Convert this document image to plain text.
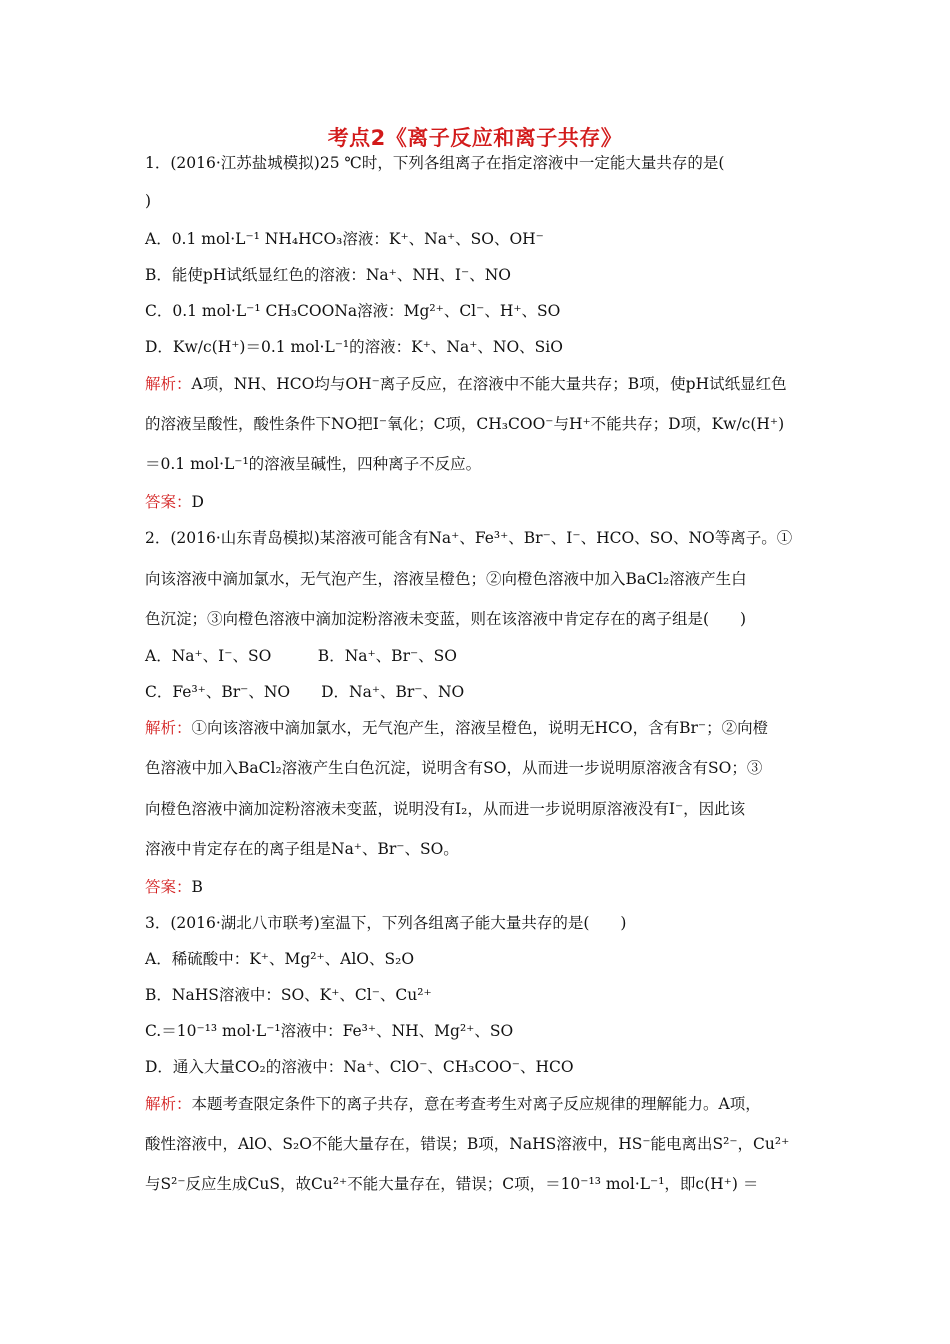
考点2《离子反应和离子共存》
1．(2016·江苏盐城模拟)25 ℃时，下列各组离子在指定溶液中一定能大量共存的是(
)
A．0.1 mol·L⁻¹ NH₄HCO₃溶液：K⁺、Na⁺、SO、OH⁻
B．能使pH试纸显红色的溶液：Na⁺、NH、I⁻、NO
C．0.1 mol·L⁻¹ CH₃COONa溶液：Mg²⁺、Cl⁻、H⁺、SO
D．Kw/c(H⁺)＝0.1 mol·L⁻¹的溶液：K⁺、Na⁺、NO、SiO
解析：A项，NH、HCO均与OH⁻离子反应，在溶液中不能大量共存；B项，使pH试纸显红色
的溶液呈酸性，酸性条件下NO把I⁻氧化；C项，CH₃COO⁻与H⁺不能共存；D项，Kw/c(H⁺)
＝0.1 mol·L⁻¹的溶液呈碱性，四种离子不反应。
答案：D
2．(2016·山东青岛模拟)某溶液可能含有Na⁺、Fe³⁺、Br⁻、I⁻、HCO、SO、NO等离子。①
向该溶液中滴加氯水，无气泡产生，溶液呈橙色；②向橙色溶液中加入BaCl₂溶液产生白
色沉淀；③向橙色溶液中滴加淀粉溶液未变蓝，则在该溶液中肯定存在的离子组是(　　)
A．Na⁺、I⁻、SO　　　B．Na⁺、Br⁻、SO
C．Fe³⁺、Br⁻、NO　　D．Na⁺、Br⁻、NO
解析：①向该溶液中滴加氯水，无气泡产生，溶液呈橙色，说明无HCO，含有Br⁻；②向橙
色溶液中加入BaCl₂溶液产生白色沉淀，说明含有SO，从而进一步说明原溶液含有SO；③
向橙色溶液中滴加淀粉溶液未变蓝，说明没有I₂，从而进一步说明原溶液没有I⁻，因此该
溶液中肯定存在的离子组是Na⁺、Br⁻、SO。
答案：B
3．(2016·湖北八市联考)室温下，下列各组离子能大量共存的是(　　)
A．稀硫酸中：K⁺、Mg²⁺、AlO、S₂O
B．NaHS溶液中：SO、K⁺、Cl⁻、Cu²⁺
C.＝10⁻¹³ mol·L⁻¹溶液中：Fe³⁺、NH、Mg²⁺、SO
D．通入大量CO₂的溶液中：Na⁺、ClO⁻、CH₃COO⁻、HCO
解析：本题考查限定条件下的离子共存，意在考查考生对离子反应规律的理解能力。A项，
酸性溶液中，AlO、S₂O不能大量存在，错误；B项，NaHS溶液中，HS⁻能电离出S²⁻，Cu²⁺
与S²⁻反应生成CuS，故Cu²⁺不能大量存在，错误；C项，＝10⁻¹³ mol·L⁻¹，即c(H⁺) ＝
